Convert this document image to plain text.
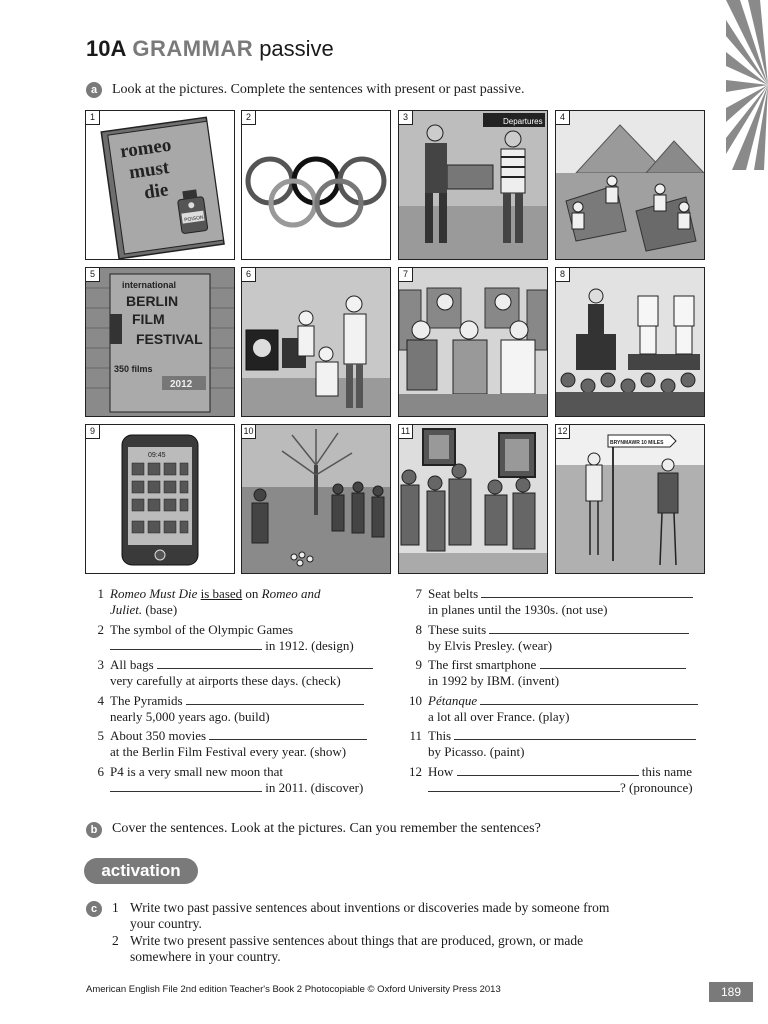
10A GRAMMAR passive
a	Look at the pictures. Complete the sentences with present or past passive.
1
romeo
must
die
POISON
2	3	Departures	4
5
international
BERLIN
FILM
FESTIVAL
350 films
2012
6	7	8
9
09:45
10	11	12
BRYNMAWR 10 MILES
1 Romeo Must Die is based on Romeo and
Juliet. (base)
2 The symbol of the Olympic Games
in 1912. (design)
3 All bags
very carefully at airports these days. (check)
4 The Pyramids
nearly 5,000 years ago. (build)
5 About 350 movies
at the Berlin Film Festival every year. (show)
6 P4 is a very small new moon that
in 2011. (discover)
7 Seat belts
in planes until the 1930s. (not use)
8 These suits
by Elvis Presley. (wear)
9 The first smartphone
in 1992 by IBM. (invent)
10 Pétanque
a lot all over France. (play)
11 This
by Picasso. (paint)
12 How	this name
? (pronounce)
b	Cover the sentences. Look at the pictures. Can you remember the sentences?
activation
c	1 Write two past passive sentences about inventions or discoveries made by someone from
your country.
2 Write two present passive sentences about things that are produced, grown, or made
somewhere in your country.
American English File 2nd edition Teacher's Book 2 Photocopiable © Oxford University Press 2013	189
